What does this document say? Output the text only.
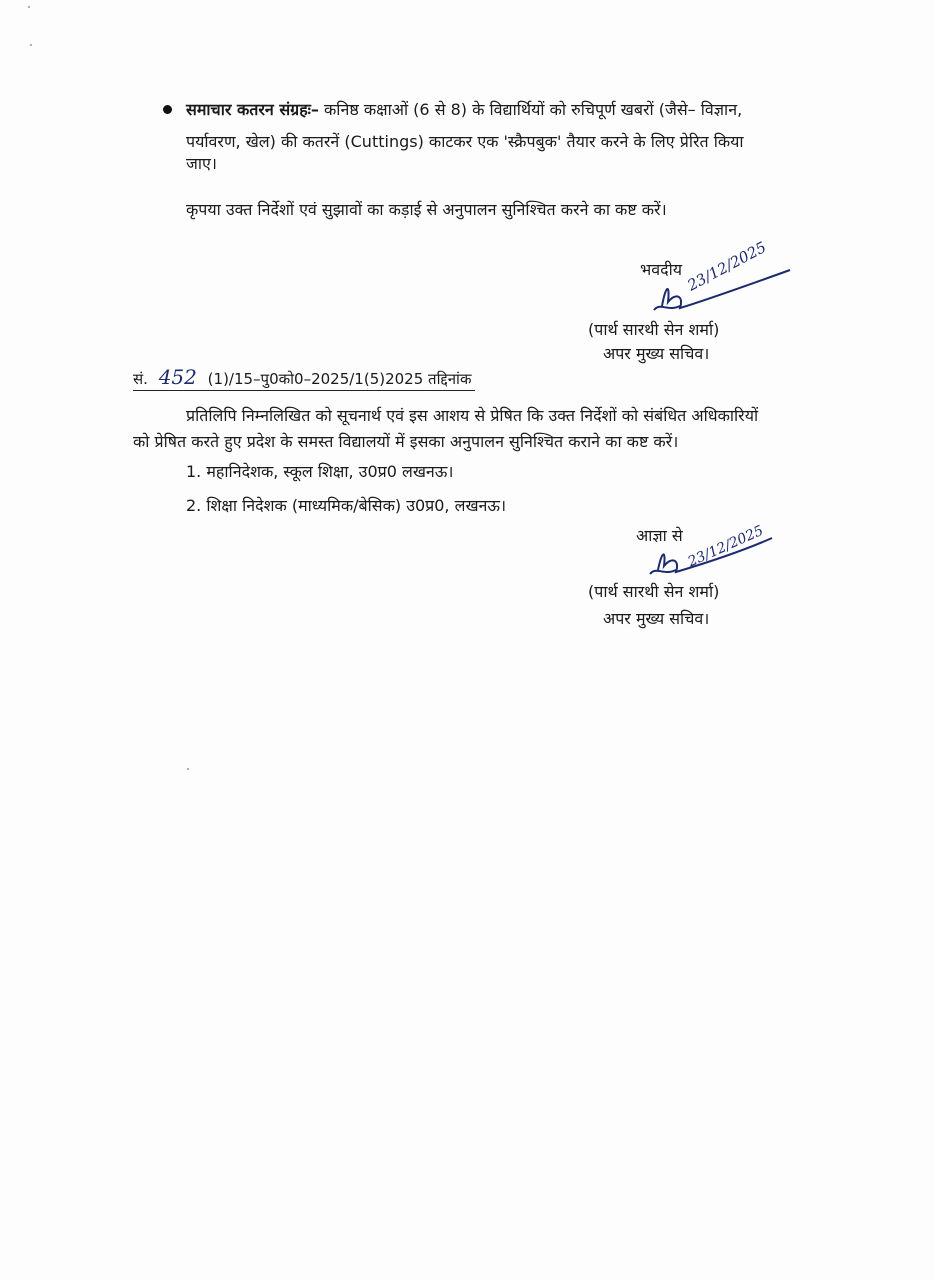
समाचार कतरन संग्रहः– कनिष्ठ कक्षाओं (6 से 8) के विद्यार्थियों को रुचिपूर्ण खबरों (जैसे– विज्ञान,
पर्यावरण, खेल) की कतरनें (Cuttings) काटकर एक 'स्क्रैपबुक' तैयार करने के लिए प्रेरित किया
जाए।
कृपया उक्त निर्देशों एवं सुझावों का कड़ाई से अनुपालन सुनिश्चित करने का कष्ट करें।
भवदीय 23/12/2025
(पार्थ सारथी सेन शर्मा)
अपर मुख्य सचिव।
सं. 452 (1)/15–पु0को0–2025/1(5)2025 तद्दिनांक
प्रतिलिपि निम्नलिखित को सूचनार्थ एवं इस आशय से प्रेषित कि उक्त निर्देशों को संबंधित अधिकारियों
को प्रेषित करते हुए प्रदेश के समस्त विद्यालयों में इसका अनुपालन सुनिश्चित कराने का कष्ट करें।
1. महानिदेशक, स्कूल शिक्षा, उ0प्र0 लखनऊ।
2. शिक्षा निदेशक (माध्यमिक/बेसिक) उ0प्र0, लखनऊ।
आज्ञा से 23/12/2025
(पार्थ सारथी सेन शर्मा)
अपर मुख्य सचिव।
